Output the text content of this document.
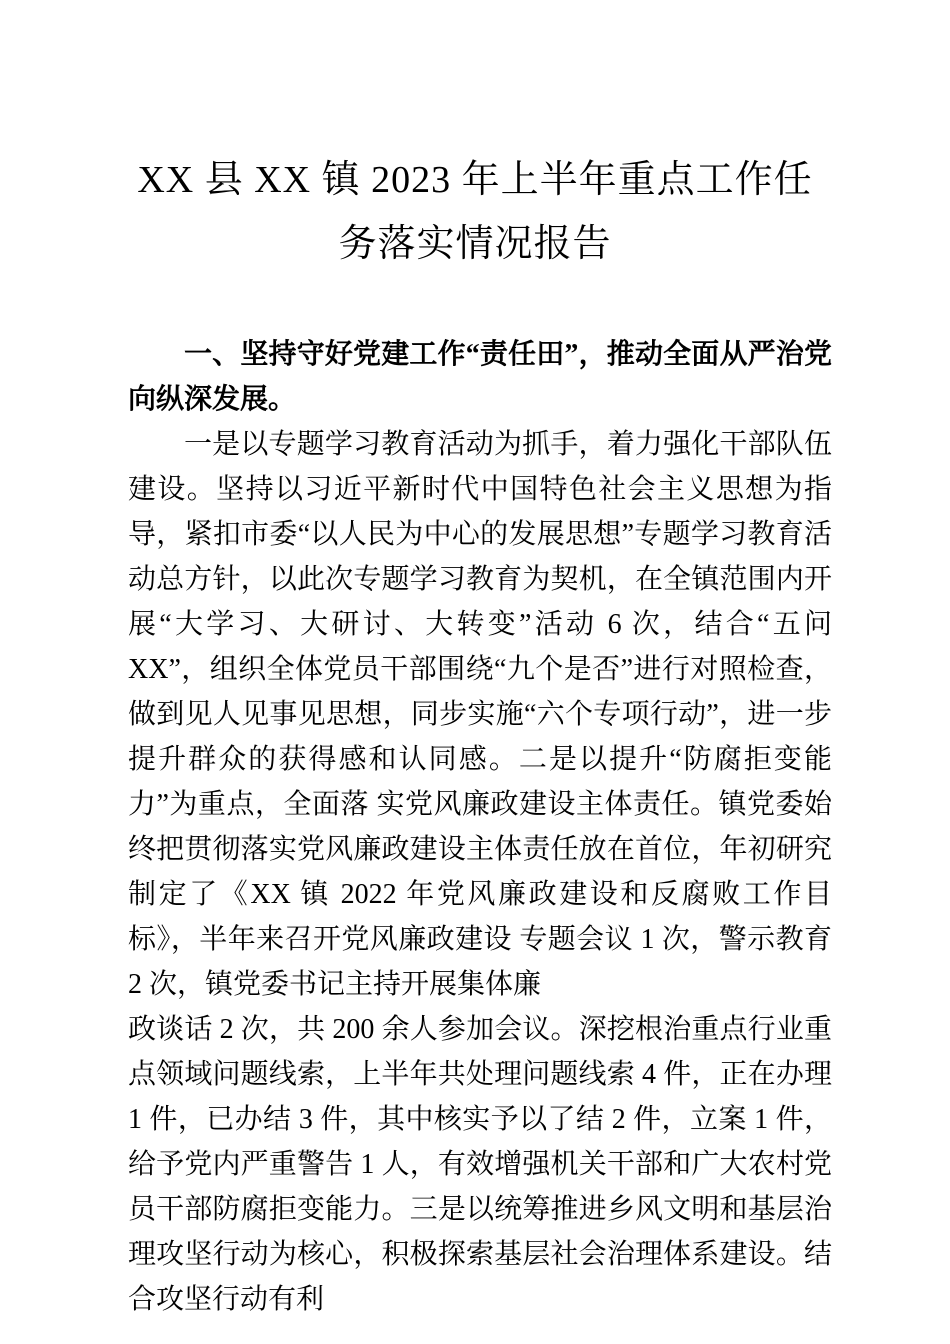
XX 县 XX 镇 2023 年上半年重点工作任
务落实情况报告

一、坚持守好党建工作“责任田”，推动全面从严治党向纵深发展。

一是以专题学习教育活动为抓手，着力强化干部队伍建设。坚持以习近平新时代中国特色社会主义思想为指导，紧扣市委“以人民为中心的发展思想”专题学习教育活动总方针，以此次专题学习教育为契机，在全镇范围内开展“大学习、大研讨、大转变”活动 6 次，结合“五问 XX”，组织全体党员干部围绕“九个是否”进行对照检查，做到见人见事见思想，同步实施“六个专项行动”，进一步提升群众的获得感和认同感。二是以提升“防腐拒变能力”为重点，全面落 实党风廉政建设主体责任。镇党委始终把贯彻落实党风廉政建设主体责任放在首位，年初研究制定了《XX 镇 2022 年党风廉政建设和反腐败工作目标》，半年来召开党风廉政建设 专题会议 1 次，警示教育 2 次，镇党委书记主持开展集体廉

政谈话 2 次，共 200 余人参加会议。深挖根治重点行业重点领域问题线索，上半年共处理问题线索 4 件，正在办理 1 件，已办结 3 件，其中核实予以了结 2 件，立案 1 件，给予党内严重警告 1 人，有效增强机关干部和广大农村党员干部防腐拒变能力。三是以统筹推进乡风文明和基层治理攻坚行动为核心，积极探索基层社会治理体系建设。结合攻坚行动有利
